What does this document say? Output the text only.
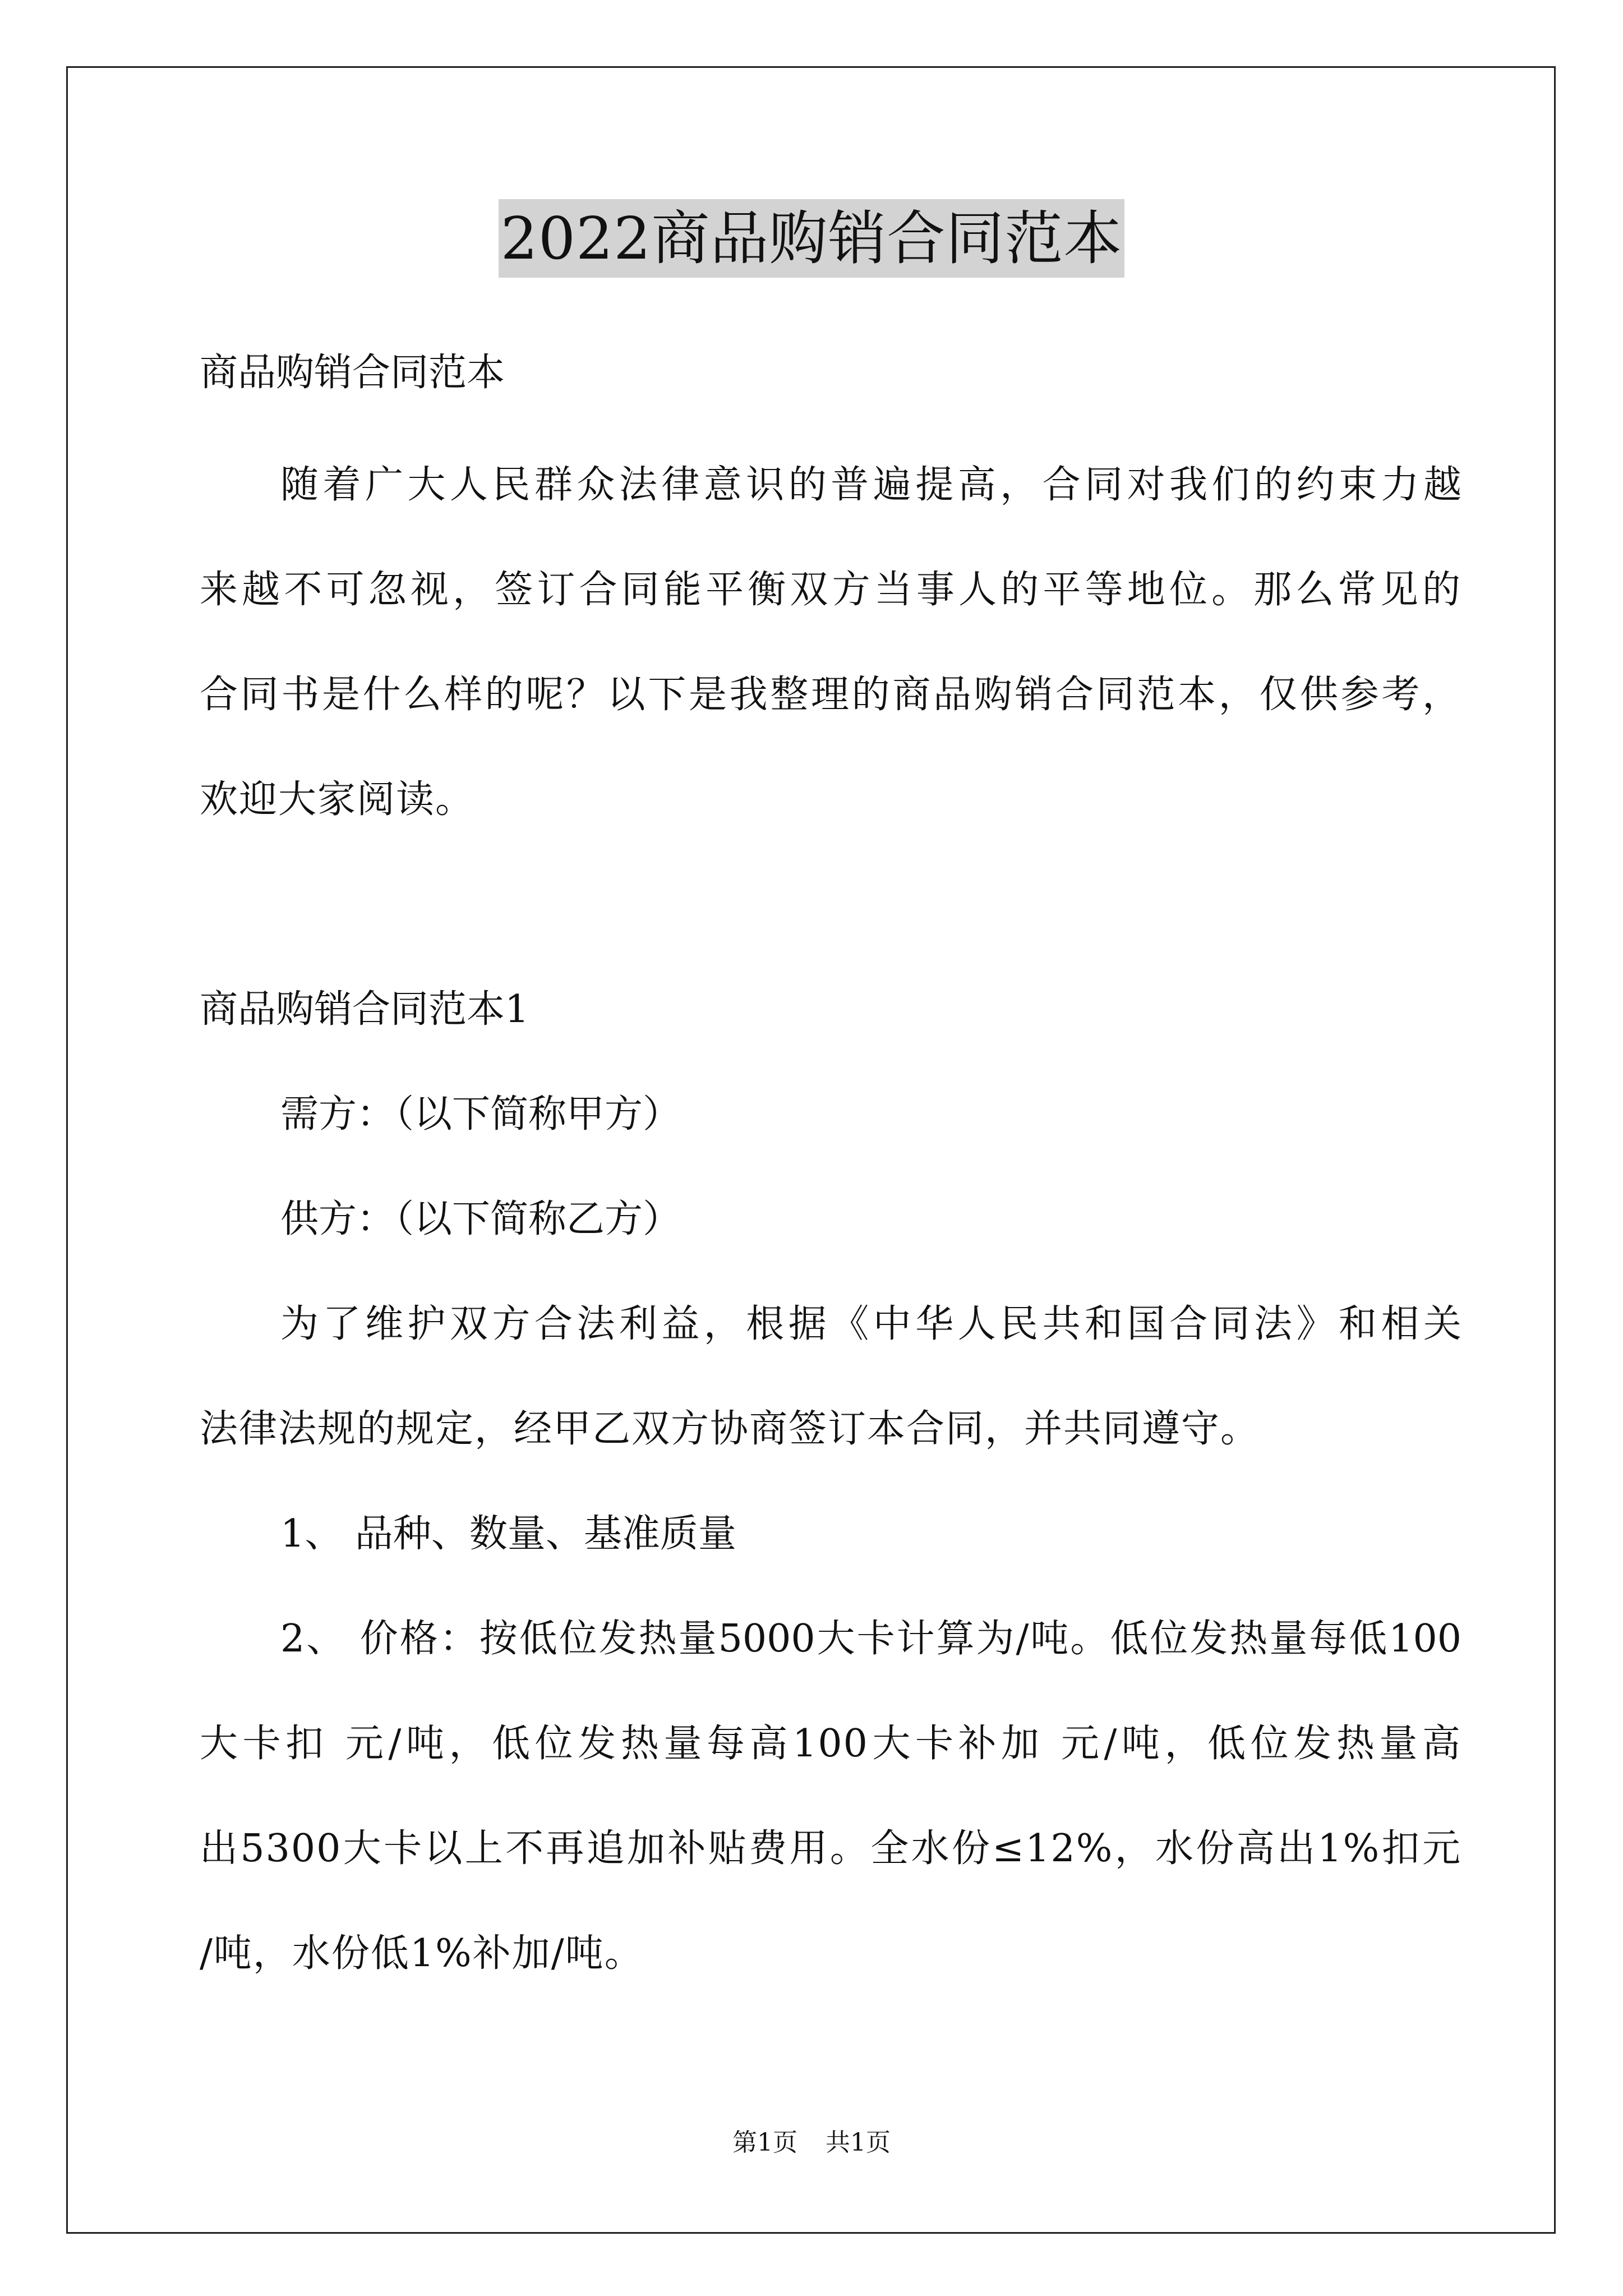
2022商品购销合同范本
商品购销合同范本
随着广大人民群众法律意识的普遍提高，合同对我们的约束力越
来越不可忽视，签订合同能平衡双方当事人的平等地位。那么常见的
合同书是什么样的呢？以下是我整理的商品购销合同范本，仅供参考，
欢迎大家阅读。
商品购销合同范本1
需方：（以下简称甲方）
供方：（以下简称乙方）
为了维护双方合法利益，根据《中华人民共和国合同法》和相关
法律法规的规定，经甲乙双方协商签订本合同，并共同遵守。
1、 品种、数量、基准质量
2、 价格：按低位发热量5000大卡计算为/吨。低位发热量每低100
大卡扣 元/吨，低位发热量每高100大卡补加 元/吨，低位发热量高
出5300大卡以上不再追加补贴费用。全水份≤12%，水份高出1%扣元
/吨，水份低1%补加/吨。
第1页 共1页
